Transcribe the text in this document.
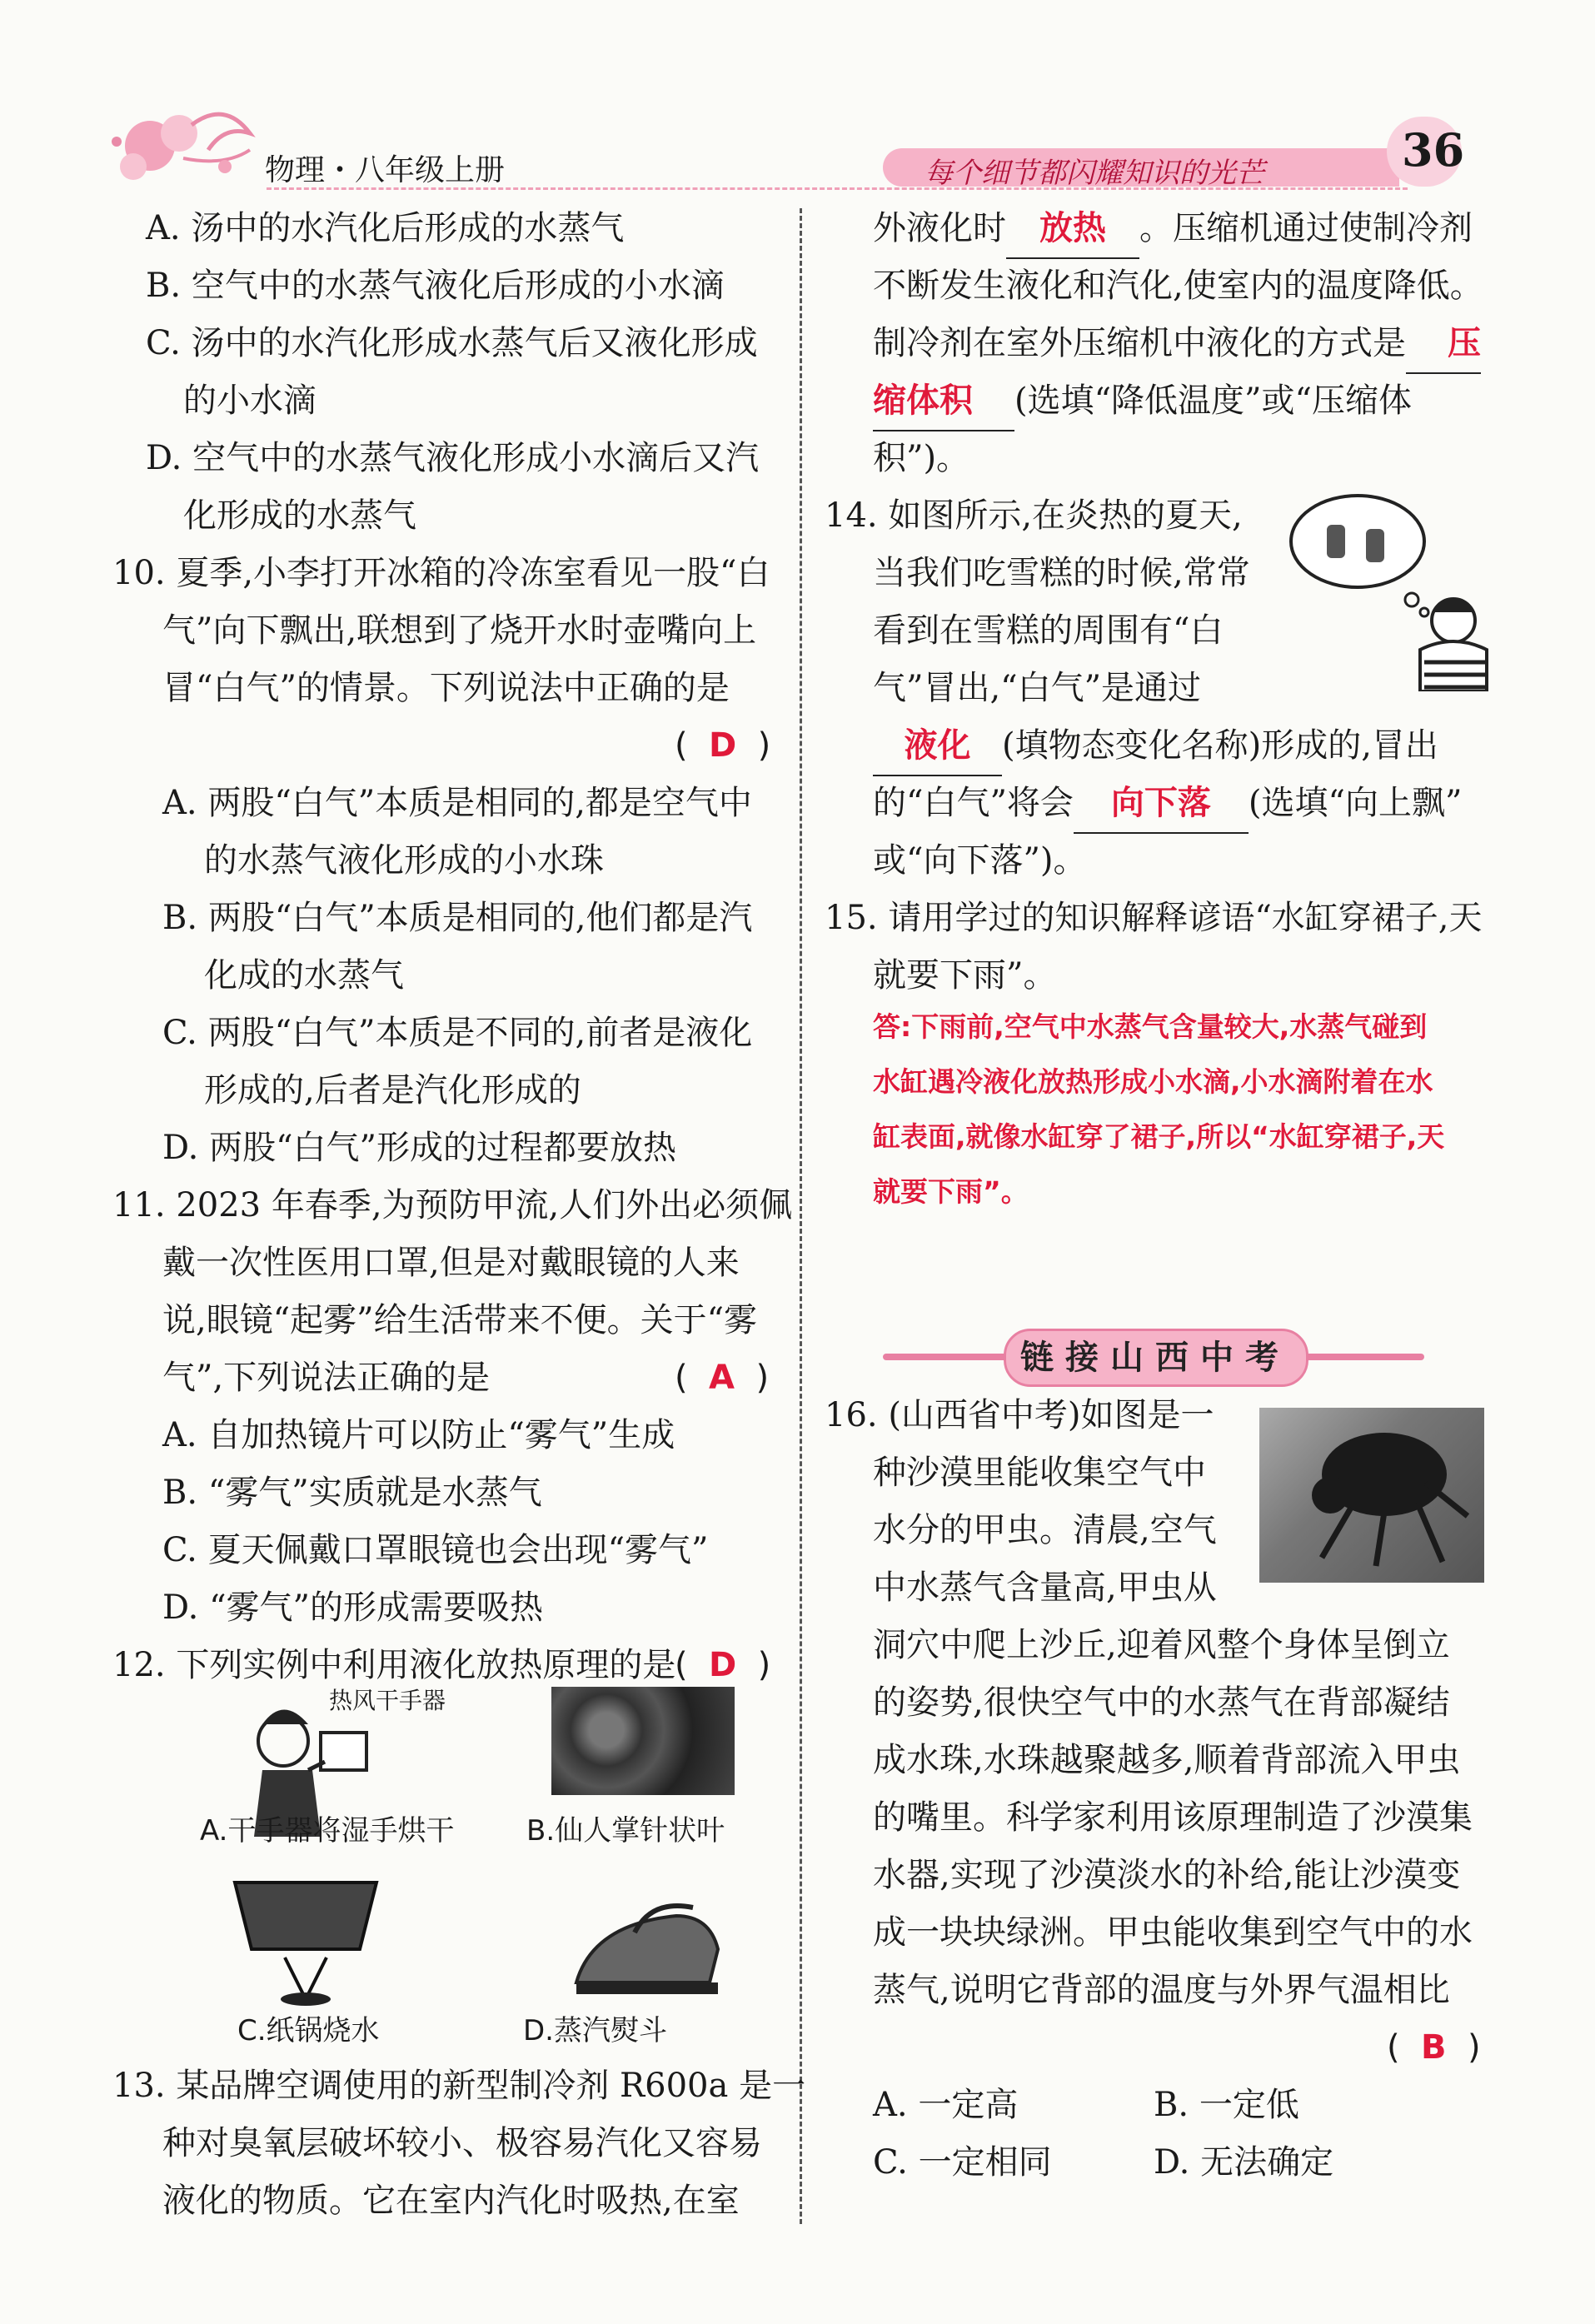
物理・八年级上册	每个细节都闪耀知识的光芒	36
A. 汤中的水汽化后形成的水蒸气
B. 空气中的水蒸气液化后形成的小水滴
C. 汤中的水汽化形成水蒸气后又液化形成
的小水滴
D. 空气中的水蒸气液化形成小水滴后又汽
化形成的水蒸气
10. 夏季,小李打开冰箱的冷冻室看见一股“白
气”向下飘出,联想到了烧开水时壶嘴向上
冒“白气”的情景。下列说法中正确的是
(  D  )
A. 两股“白气”本质是相同的,都是空气中
的水蒸气液化形成的小水珠
B. 两股“白气”本质是相同的,他们都是汽
化成的水蒸气
C. 两股“白气”本质是不同的,前者是液化
形成的,后者是汽化形成的
D. 两股“白气”形成的过程都要放热
11. 2023 年春季,为预防甲流,人们外出必须佩
戴一次性医用口罩,但是对戴眼镜的人来
说,眼镜“起雾”给生活带来不便。关于“雾
气”,下列说法正确的是	(  A  )
A. 自加热镜片可以防止“雾气”生成
B. “雾气”实质就是水蒸气
C. 夏天佩戴口罩眼镜也会出现“雾气”
D. “雾气”的形成需要吸热
12. 下列实例中利用液化放热原理的是
(  D  )
热风干手器
A.干手器将湿手烘干	B.仙人掌针状叶
C.纸锅烧水	D.蒸汽熨斗
13. 某品牌空调使用的新型制冷剂 R600a 是一
种对臭氧层破坏较小、极容易汽化又容易
液化的物质。它在室内汽化时吸热,在室
外液化时 放热 。压缩机通过使制冷剂
不断发生液化和汽化,使室内的温度降低。
制冷剂在室外压缩机中液化的方式是 压
缩体积 (选填“降低温度”或“压缩体
积”)。
14. 如图所示,在炎热的夏天,
当我们吃雪糕的时候,常常
看到在雪糕的周围有“白
气”冒出,“白气”是通过
液化 (填物态变化名称)形成的,冒出
的“白气”将会 向下落 (选填“向上飘”
或“向下落”)。
15. 请用学过的知识解释谚语“水缸穿裙子,天
就要下雨”。
答:下雨前,空气中水蒸气含量较大,水蒸气碰到
水缸遇冷液化放热形成小水滴,小水滴附着在水
缸表面,就像水缸穿了裙子,所以“水缸穿裙子,天
就要下雨”。
链接山西中考
16. (山西省中考)如图是一
种沙漠里能收集空气中
水分的甲虫。清晨,空气
中水蒸气含量高,甲虫从
洞穴中爬上沙丘,迎着风整个身体呈倒立
的姿势,很快空气中的水蒸气在背部凝结
成水珠,水珠越聚越多,顺着背部流入甲虫
的嘴里。科学家利用该原理制造了沙漠集
水器,实现了沙漠淡水的补给,能让沙漠变
成一块块绿洲。甲虫能收集到空气中的水
蒸气,说明它背部的温度与外界气温相比
(  B  )
A. 一定高	B. 一定低
C. 一定相同	D. 无法确定
